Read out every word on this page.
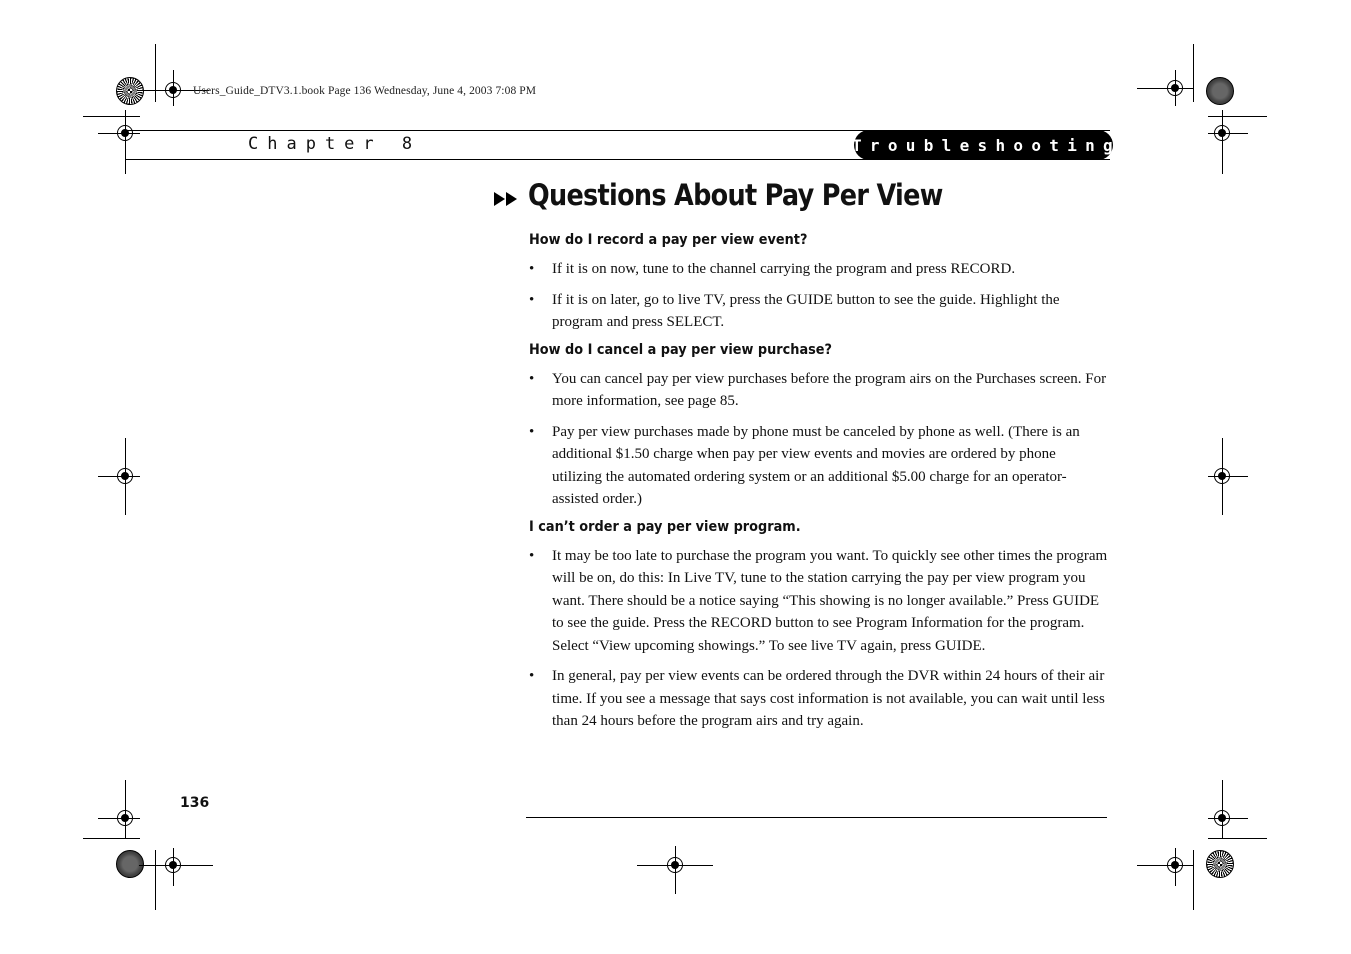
Users_Guide_DTV3.1.book Page 136 Wednesday, June 4, 2003 7:08 PM
Chapter 8	Troubleshooting
Questions About Pay Per View
How do I record a pay per view event?
• If it is on now, tune to the channel carrying the program and press RECORD.
• If it is on later, go to live TV, press the GUIDE button to see the guide. Highlight the program and press SELECT.
How do I cancel a pay per view purchase?
• You can cancel pay per view purchases before the program airs on the Purchases screen. For more information, see page 85.
• Pay per view purchases made by phone must be canceled by phone as well. (There is an additional $1.50 charge when pay per view events and movies are ordered by phone utilizing the automated ordering system or an additional $5.00 charge for an operator-assisted order.)
I can’t order a pay per view program.
• It may be too late to purchase the program you want. To quickly see other times the program will be on, do this: In Live TV, tune to the station carrying the pay per view program you want. There should be a notice saying “This showing is no longer available.” Press GUIDE to see the guide. Press the RECORD button to see Program Information for the program. Select “View upcoming showings.” To see live TV again, press GUIDE.
• In general, pay per view events can be ordered through the DVR within 24 hours of their air time. If you see a message that says cost information is not available, you can wait until less than 24 hours before the program airs and try again.
136
